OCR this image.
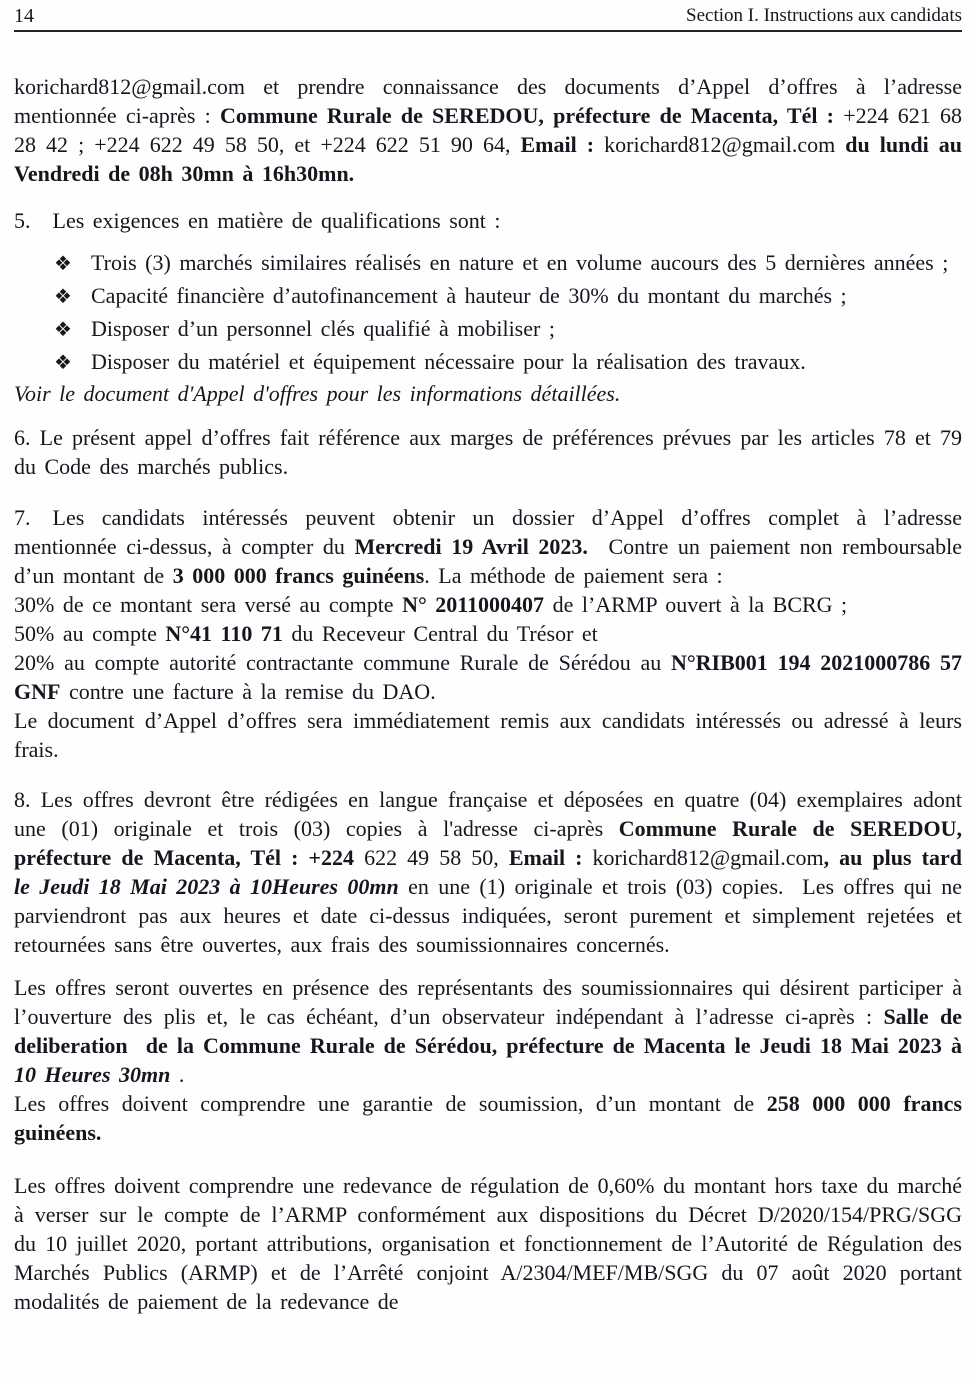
14	Section I. Instructions aux candidats

korichard812@gmail.com et prendre connaissance des documents d’Appel d’offres à l’adresse mentionnée ci-après : Commune Rurale de SEREDOU, préfecture de Macenta, Tél : +224 621 68 28 42 ; +224 622 49 58 50, et +224 622 51 90 64, Email : korichard812@gmail.com du lundi au Vendredi de 08h 30mn à 16h30mn.

5. Les exigences en matière de qualifications sont :

❖ Trois (3) marchés similaires réalisés en nature et en volume aucours des 5 dernières années ;
❖ Capacité financière d’autofinancement à hauteur de 30% du montant du marchés ;
❖ Disposer d’un personnel clés qualifié à mobiliser ;
❖ Disposer du matériel et équipement nécessaire pour la réalisation des travaux.

Voir le document d'Appel d'offres pour les informations détaillées.

6. Le présent appel d’offres fait référence aux marges de préférences prévues par les articles 78 et 79 du Code des marchés publics.

7.  Les candidats intéressés peuvent obtenir un dossier d’Appel d’offres complet à l’adresse mentionnée ci-dessus, à compter du Mercredi 19 Avril 2023.  Contre un paiement non remboursable d’un montant de 3 000 000 francs guinéens. La méthode de paiement sera :

30% de ce montant sera versé au compte N° 2011000407 de l’ARMP ouvert à la BCRG ;

50% au compte N°41 110 71 du Receveur Central du Trésor et

20% au compte autorité contractante commune Rurale de Sérédou au N°RIB001 194 2021000786 57 GNF contre une facture à la remise du DAO.

Le document d’Appel d’offres sera immédiatement remis aux candidats intéressés ou adressé à leurs frais.

8. Les offres devront être rédigées en langue française et déposées en quatre (04) exemplaires adont une (01) originale et trois (03) copies à l'adresse ci-après Commune Rurale de SEREDOU, préfecture de Macenta, Tél : +224 622 49 58 50, Email : korichard812@gmail.com, au plus tard le Jeudi 18 Mai 2023 à 10Heures 00mn en une (1) originale et trois (03) copies.  Les offres qui ne parviendront pas aux heures et date ci-dessus indiquées, seront purement et simplement rejetées et retournées sans être ouvertes, aux frais des soumissionnaires concernés.

Les offres seront ouvertes en présence des représentants des soumissionnaires qui désirent participer à l’ouverture des plis et, le cas échéant, d’un observateur indépendant à l’adresse ci-après : Salle de deliberation  de la Commune Rurale de Sérédou, préfecture de Macenta le Jeudi 18 Mai 2023 à 10 Heures 30mn .

Les offres doivent comprendre une garantie de soumission, d’un montant de 258 000 000 francs guinéens.

Les offres doivent comprendre une redevance de régulation de 0,60% du montant hors taxe du marché à verser sur le compte de l’ARMP conformément aux dispositions du Décret D/2020/154/PRG/SGG du 10 juillet 2020, portant attributions, organisation et fonctionnement de l’Autorité de Régulation des Marchés Publics (ARMP) et de l’Arrêté conjoint A/2304/MEF/MB/SGG du 07 août 2020 portant modalités de paiement de la redevance de
